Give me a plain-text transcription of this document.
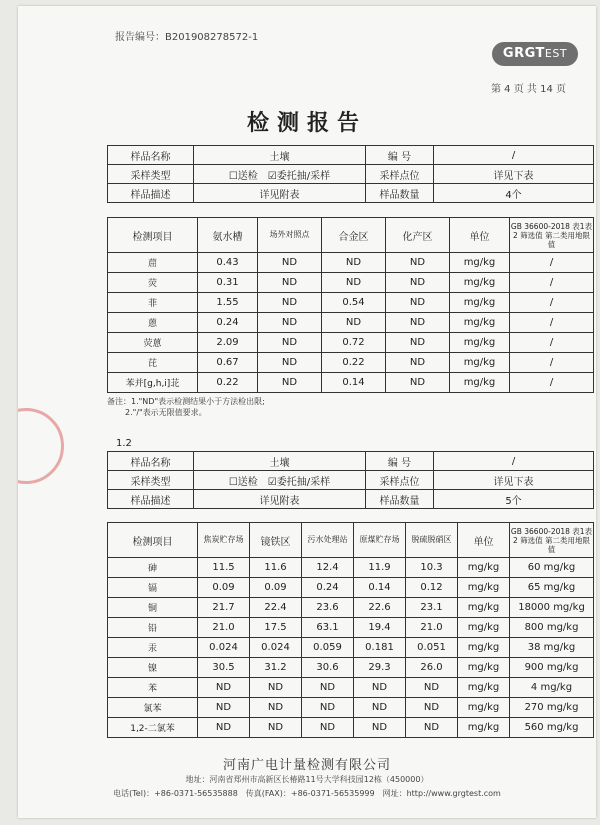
报告编号：B201908278572-1
GRGTEST
第 4 页 共 14 页
检测报告
样品名称	土壤	编 号	/
采样类型	☐送检　☑委托抽/采样	采样点位	详见下表
样品描述	详见附表	样品数量	4个
检测项目	氨水槽	场外对照点	合金区	化产区	单位	GB 36600-2018 表1表2 筛选值 第二类用地限值
䓛	0.43	ND	ND	ND	mg/kg	/
荧	0.31	ND	ND	ND	mg/kg	/
菲	1.55	ND	0.54	ND	mg/kg	/
蒽	0.24	ND	ND	ND	mg/kg	/
荧蒽	2.09	ND	0.72	ND	mg/kg	/
芘	0.67	ND	0.22	ND	mg/kg	/
苯并[g,h,i]苝	0.22	ND	0.14	ND	mg/kg	/
备注：1."ND"表示检测结果小于方法检出限;
2."/"表示无限值要求。
1.2
样品名称	土壤	编 号	/
采样类型	☐送检　☑委托抽/采样	采样点位	详见下表
样品描述	详见附表	样品数量	5个
检测项目	焦炭贮存场	镜铁区	污水处理站	原煤贮存场	脱硫脱硝区	单位	GB 36600-2018 表1表2 筛选值 第二类用地限值
砷	11.5	11.6	12.4	11.9	10.3	mg/kg	60 mg/kg
镉	0.09	0.09	0.24	0.14	0.12	mg/kg	65 mg/kg
铜	21.7	22.4	23.6	22.6	23.1	mg/kg	18000 mg/kg
铅	21.0	17.5	63.1	19.4	21.0	mg/kg	800 mg/kg
汞	0.024	0.024	0.059	0.181	0.051	mg/kg	38 mg/kg
镍	30.5	31.2	30.6	29.3	26.0	mg/kg	900 mg/kg
苯	ND	ND	ND	ND	ND	mg/kg	4 mg/kg
氯苯	ND	ND	ND	ND	ND	mg/kg	270 mg/kg
1,2-二氯苯	ND	ND	ND	ND	ND	mg/kg	560 mg/kg
河南广电计量检测有限公司
地址：河南省郑州市高新区长椿路11号大学科技园12栋（450000）
电话(Tel)：+86-0371-56535888　传真(FAX)：+86-0371-56535999　网址：http://www.grgtest.com
